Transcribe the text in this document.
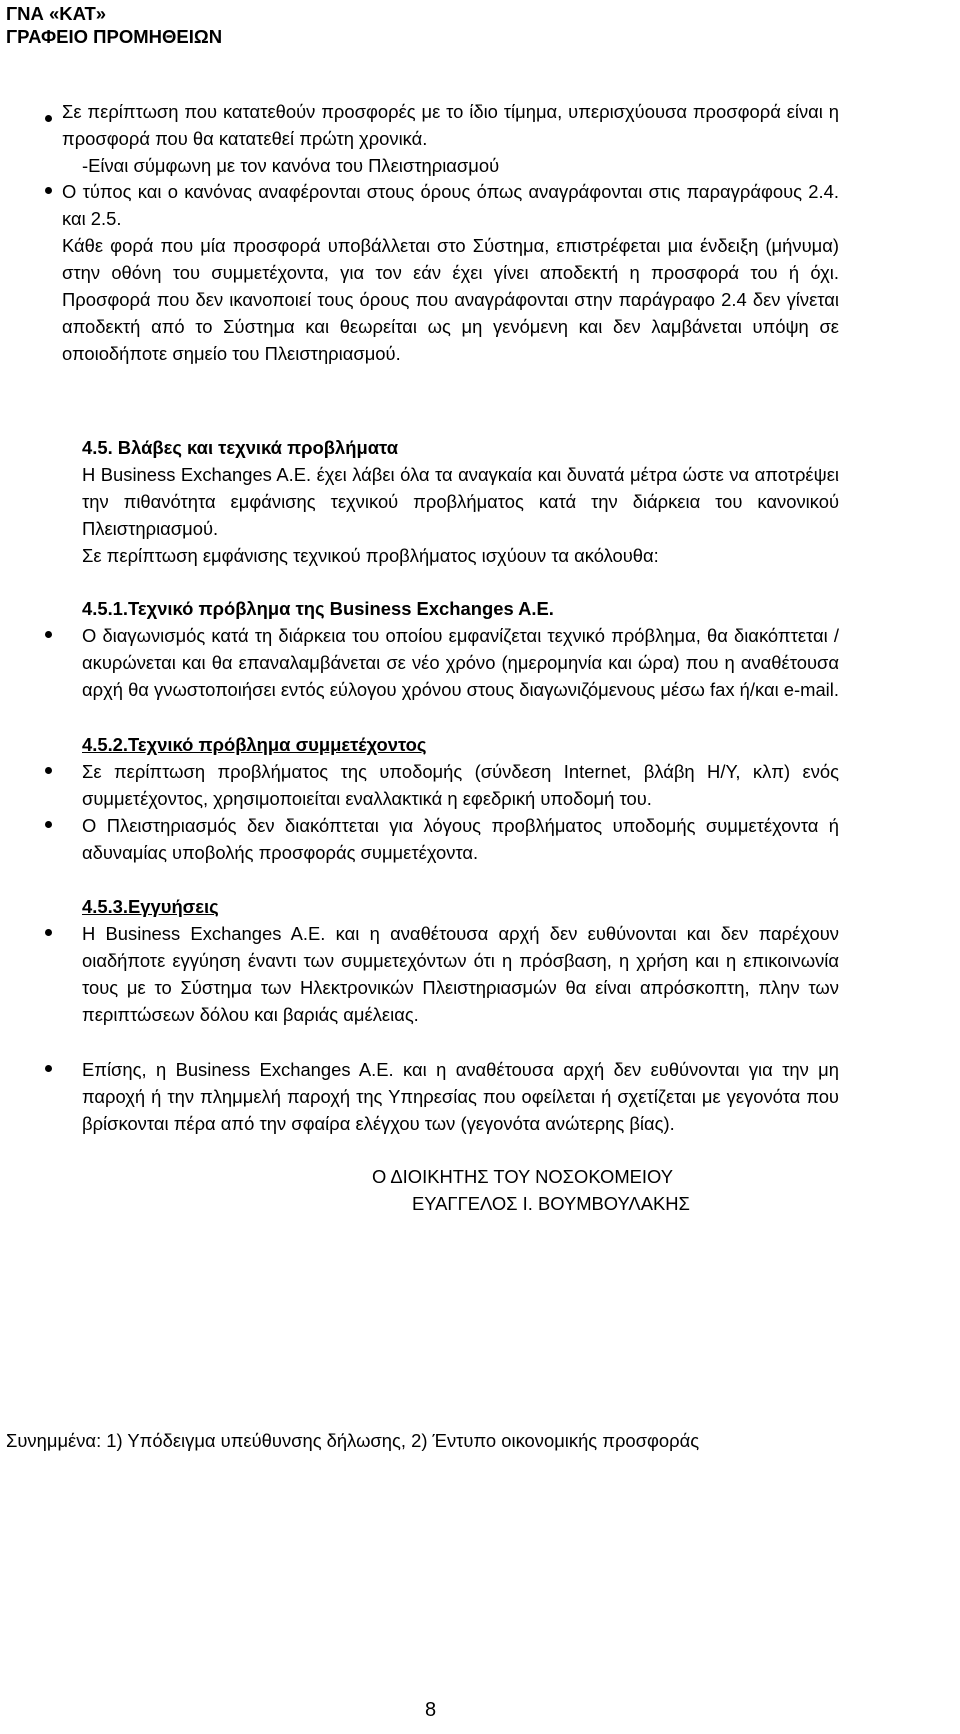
ΓΝΑ «ΚΑΤ»
ΓΡΑΦΕΙΟ ΠΡΟΜΗΘΕΙΩΝ
Σε περίπτωση που κατατεθούν προσφορές με το ίδιο τίμημα, υπερισχύουσα προσφορά είναι η προσφορά που θα κατατεθεί πρώτη χρονικά.
-Είναι σύμφωνη με τον κανόνα του Πλειστηριασμού
Ο τύπος και ο κανόνας αναφέρονται στους όρους όπως αναγράφονται στις παραγράφους 2.4. και 2.5.
Κάθε φορά που μία προσφορά υποβάλλεται στο Σύστημα, επιστρέφεται μια ένδειξη (μήνυμα) στην οθόνη του συμμετέχοντα, για τον εάν έχει γίνει αποδεκτή η προσφορά του ή όχι. Προσφορά που δεν ικανοποιεί τους όρους που αναγράφονται στην παράγραφο 2.4 δεν γίνεται αποδεκτή από το Σύστημα και θεωρείται ως μη γενόμενη και δεν λαμβάνεται υπόψη σε οποιοδήποτε σημείο του Πλειστηριασμού.
4.5. Βλάβες και τεχνικά προβλήματα
Η Business Exchanges A.E. έχει λάβει όλα τα αναγκαία και δυνατά μέτρα ώστε να αποτρέψει την πιθανότητα εμφάνισης τεχνικού προβλήματος κατά την διάρκεια του κανονικού Πλειστηριασμού.
Σε περίπτωση εμφάνισης τεχνικού προβλήματος ισχύουν τα ακόλουθα:
4.5.1.Τεχνικό πρόβλημα της Business Exchanges A.E.
Ο διαγωνισμός κατά τη διάρκεια του οποίου εμφανίζεται τεχνικό πρόβλημα, θα διακόπτεται /ακυρώνεται και θα επαναλαμβάνεται σε νέο χρόνο (ημερομηνία και ώρα) που η αναθέτουσα αρχή θα γνωστοποιήσει εντός εύλογου χρόνου στους διαγωνιζόμενους μέσω fax ή/και e-mail.
4.5.2.Τεχνικό πρόβλημα συμμετέχοντος
Σε περίπτωση προβλήματος της υποδομής (σύνδεση Internet, βλάβη Η/Υ, κλπ) ενός συμμετέχοντος, χρησιμοποιείται εναλλακτικά η εφεδρική υποδομή του.
Ο Πλειστηριασμός δεν διακόπτεται για λόγους προβλήματος υποδομής συμμετέχοντα ή αδυναμίας υποβολής προσφοράς συμμετέχοντα.
4.5.3.Εγγυήσεις
Η Business Exchanges A.E. και η αναθέτουσα αρχή δεν ευθύνονται και δεν παρέχουν οιαδήποτε εγγύηση έναντι των συμμετεχόντων ότι η πρόσβαση, η χρήση και η επικοινωνία τους με το Σύστημα των Ηλεκτρονικών Πλειστηριασμών θα είναι απρόσκοπτη, πλην των περιπτώσεων δόλου και βαριάς αμέλειας.
Επίσης, η Business Exchanges A.E. και η αναθέτουσα αρχή δεν ευθύνονται για την μη παροχή ή την πλημμελή παροχή της Υπηρεσίας που οφείλεται ή σχετίζεται με γεγονότα που βρίσκονται πέρα από την σφαίρα ελέγχου των (γεγονότα ανώτερης βίας).
Ο ΔΙΟΙΚΗΤΗΣ ΤΟΥ ΝΟΣΟΚΟΜΕΙΟΥ
ΕΥΑΓΓΕΛΟΣ Ι. ΒΟΥΜΒΟΥΛΑΚΗΣ
Συνημμένα: 1) Υπόδειγμα υπεύθυνσης δήλωσης, 2) Έντυπο οικονομικής προσφοράς
8
